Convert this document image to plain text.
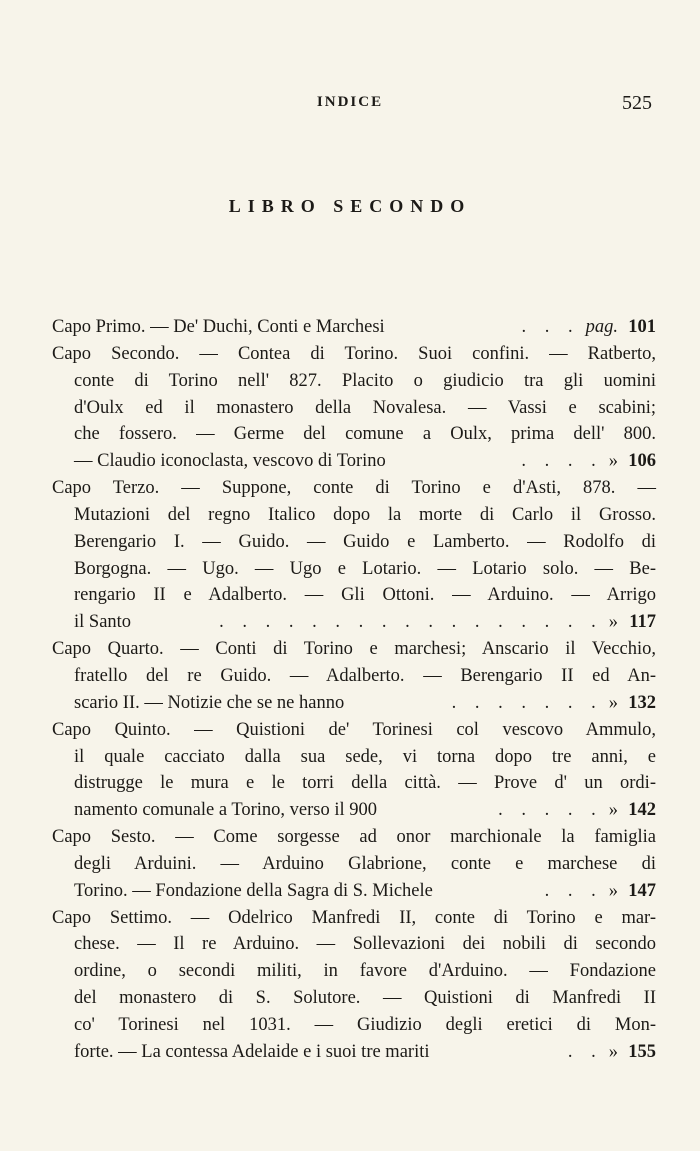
INDICE	525
LIBRO SECONDO
Capo Primo. — De' Duchi, Conti e Marchesi	. . . pag. 101
Capo Secondo. — Contea di Torino. Suoi confini. — Ratberto,
conte di Torino nell' 827. Placito o giudicio tra gli uomini
d'Oulx ed il monastero della Novalesa. — Vassi e scabini;
che fossero. — Germe del comune a Oulx, prima dell' 800.
— Claudio iconoclasta, vescovo di Torino	. . . . » 106
Capo Terzo. — Suppone, conte di Torino e d'Asti, 878. —
Mutazioni del regno Italico dopo la morte di Carlo il Grosso.
Berengario I. — Guido. — Guido e Lamberto. — Rodolfo di
Borgogna. — Ugo. — Ugo e Lotario. — Lotario solo. — Be-
rengario II e Adalberto. — Gli Ottoni. — Arduino. — Arrigo
il Santo	. . . . . . . . . . . . . . . . . » 117
Capo Quarto. — Conti di Torino e marchesi; Anscario il Vecchio,
fratello del re Guido. — Adalberto. — Berengario II ed An-
scario II. — Notizie che se ne hanno	. . . . . . . » 132
Capo Quinto. — Quistioni de' Torinesi col vescovo Ammulo,
il quale cacciato dalla sua sede, vi torna dopo tre anni, e
distrugge le mura e le torri della città. — Prove d' un ordi-
namento comunale a Torino, verso il 900	. . . . . » 142
Capo Sesto. — Come sorgesse ad onor marchionale la famiglia
degli Arduini. — Arduino Glabrione, conte e marchese di
Torino. — Fondazione della Sagra di S. Michele	. . . » 147
Capo Settimo. — Odelrico Manfredi II, conte di Torino e mar-
chese. — Il re Arduino. — Sollevazioni dei nobili di secondo
ordine, o secondi militi, in favore d'Arduino. — Fondazione
del monastero di S. Solutore. — Quistioni di Manfredi II
co' Torinesi nel 1031. — Giudizio degli eretici di Mon-
forte. — La contessa Adelaide e i suoi tre mariti	. . » 155
